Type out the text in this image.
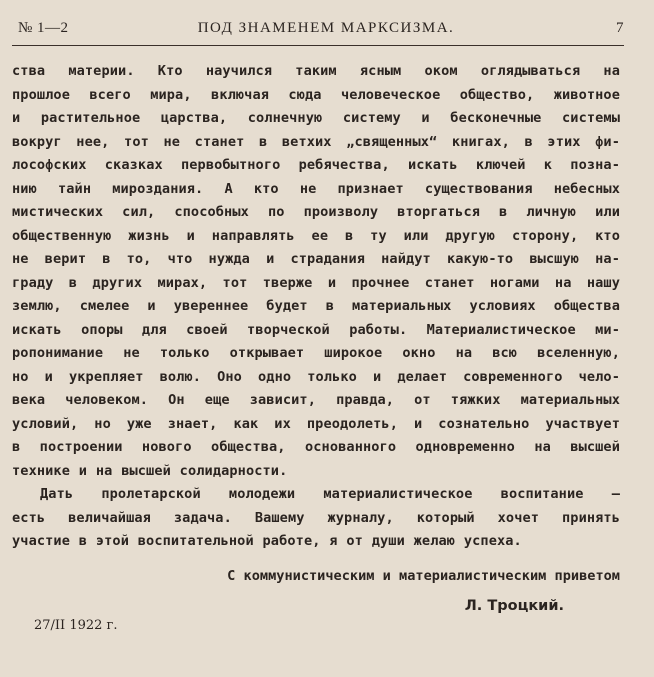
№ 1—2	ПОД ЗНАМЕНЕМ МАРКСИЗМА.	7
ства материи. Кто научился таким ясным оком оглядываться на
прошлое всего мира, включая сюда человеческое общество, животное
и растительное царства, солнечную систему и бесконечные системы
вокруг нее, тот не станет в ветхих „священных“ книгах, в этих фи-
лософских сказках первобытного ребячества, искать ключей к позна-
нию тайн мироздания. А кто не признает существования небесных
мистических сил, способных по произволу вторгаться в личную или
общественную жизнь и направлять ее в ту или другую сторону, кто
не верит в то, что нужда и страдания найдут какую-то высшую на-
граду в других мирах, тот тверже и прочнее станет ногами на нашу
землю, смелее и увереннее будет в материальных условиях общества
искать опоры для своей творческой работы. Материалистическое ми-
ропонимание не только открывает широкое окно на всю вселенную,
но и укрепляет волю. Оно одно только и делает современного чело-
века человеком. Он еще зависит, правда, от тяжких материальных
условий, но уже знает, как их преодолеть, и сознательно участвует
в построении нового общества, основанного одновременно на высшей
технике и на высшей солидарности.
Дать пролетарской молодежи материалистическое воспитание —
есть величайшая задача. Вашему журналу, который хочет принять
участие в этой воспитательной работе, я от души желаю успеха.
С коммунистическим и материалистическим приветом
Л. Троцкий.
27/II 1922 г.
